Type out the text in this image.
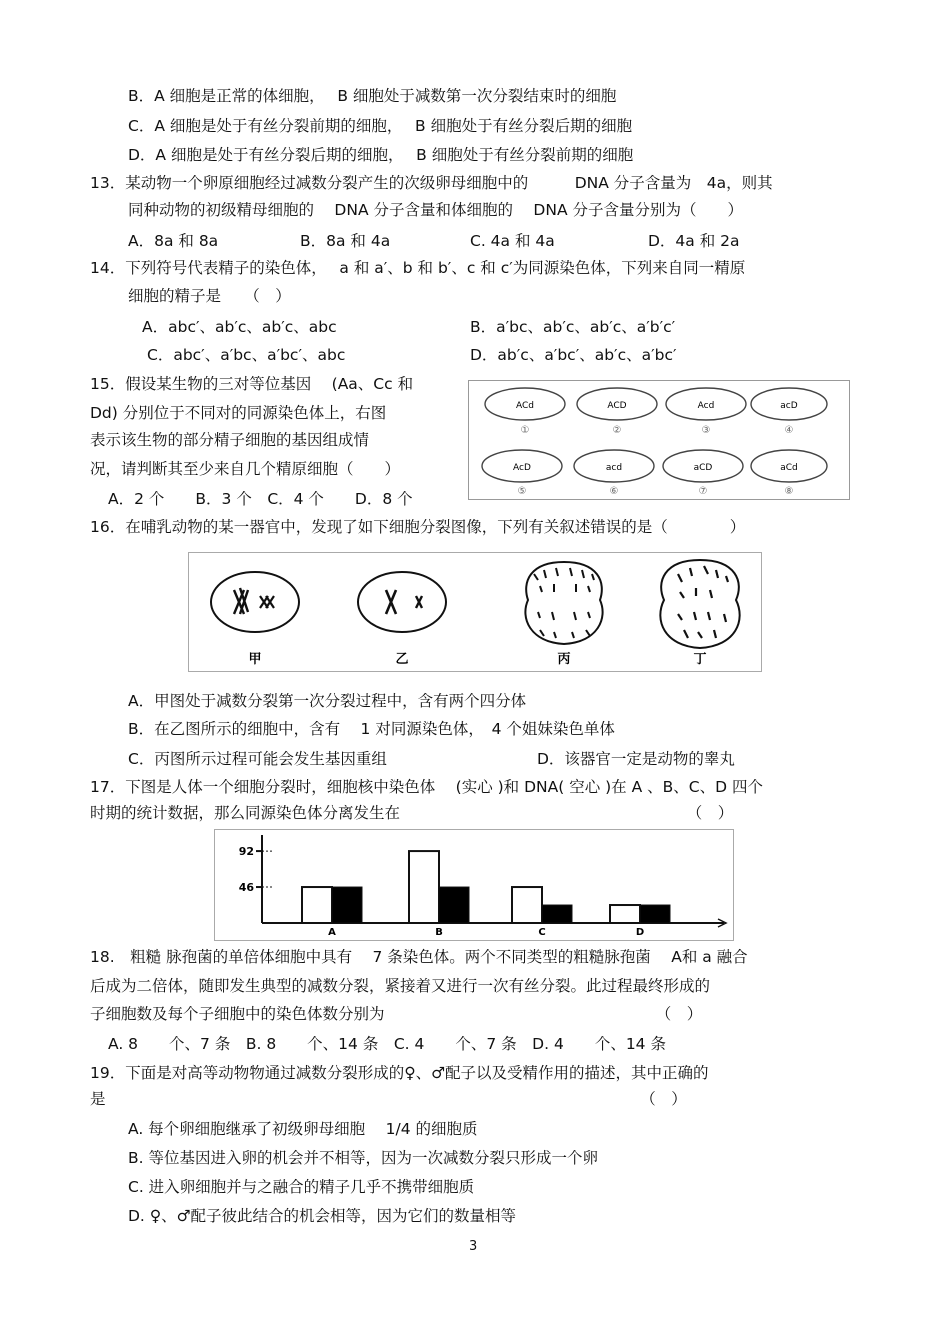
B．A 细胞是正常的体细胞，　 B 细胞处于减数第一次分裂结束时的细胞
C．A 细胞是处于有丝分裂前期的细胞，　 B 细胞处于有丝分裂后期的细胞
D．A 细胞是处于有丝分裂后期的细胞，　 B 细胞处于有丝分裂前期的细胞
13．某动物一个卵原细胞经过减数分裂产生的次级卵母细胞中的　　　DNA 分子含量为　4a，则其
同种动物的初级精母细胞的　 DNA 分子含量和体细胞的　 DNA 分子含量分别为（　　）
A．8a 和 8a	B．8a 和 4a	C. 4a 和 4a	D．4a 和 2a
14．下列符号代表精子的染色体，　 a 和 a′、b 和 b′、c 和 c′为同源染色体，下列来自同一精原
细胞的精子是　　（　）
A．abc′、ab′c、ab′c、abc	B．a′bc、ab′c、ab′c、a′b′c′
C．abc′、a′bc、a′bc′、abc	D．ab′c、a′bc′、ab′c、a′bc′
15．假设某生物的三对等位基因　 (Aa、Cc 和
Dd) 分别位于不同对的同源染色体上，右图
表示该生物的部分精子细胞的基因组成情
况，请判断其至少来自几个精原细胞（　　）
A．2 个　　B．3 个　C．4 个　　D．8 个
ACd
①
ACD
②
Acd
③
acD
④
AcD
⑤
acd
⑥
aCD
⑦
aCd
⑧
16．在哺乳动物的某一器官中，发现了如下细胞分裂图像，下列有关叙述错误的是（　　　　）
甲	乙	丙	丁
A．甲图处于减数分裂第一次分裂过程中，含有两个四分体
B．在乙图所示的细胞中，含有　 1 对同源染色体，　4 个姐妹染色单体
C．丙图所示过程可能会发生基因重组	D．该器官一定是动物的睾丸
17．下图是人体一个细胞分裂时，细胞核中染色体　 (实心 )和 DNA( 空心 )在 A 、B、C、D 四个
时期的统计数据，那么同源染色体分离发生在　　　　　　　　　　　　　　　　　　　（　）
46
92
A	B	C	D
18.　粗糙 脉孢菌的单倍体细胞中具有　 7 条染色体。两个不同类型的粗糙脉孢菌　 A和 a 融合
后成为二倍体，随即发生典型的减数分裂，紧接着又进行一次有丝分裂。此过程最终形成的
子细胞数及每个子细胞中的染色体数分别为　　　　　　　　　　　　　　　　　　（　）
A. 8　　个、7 条　B. 8　　个、14 条　C. 4　　个、7 条　D. 4　　个、14 条
19．下面是对高等动物物通过减数分裂形成的♀、♂配子以及受精作用的描述，其中正确的
是　　　　　　　　　　　　　　　　　　　　　　　　　　　　　　　　　　　（　）
A. 每个卵细胞继承了初级卵母细胞　 1/4 的细胞质
B. 等位基因进入卵的机会并不相等，因为一次减数分裂只形成一个卵
C. 进入卵细胞并与之融合的精子几乎不携带细胞质
D. ♀、♂配子彼此结合的机会相等，因为它们的数量相等
3
